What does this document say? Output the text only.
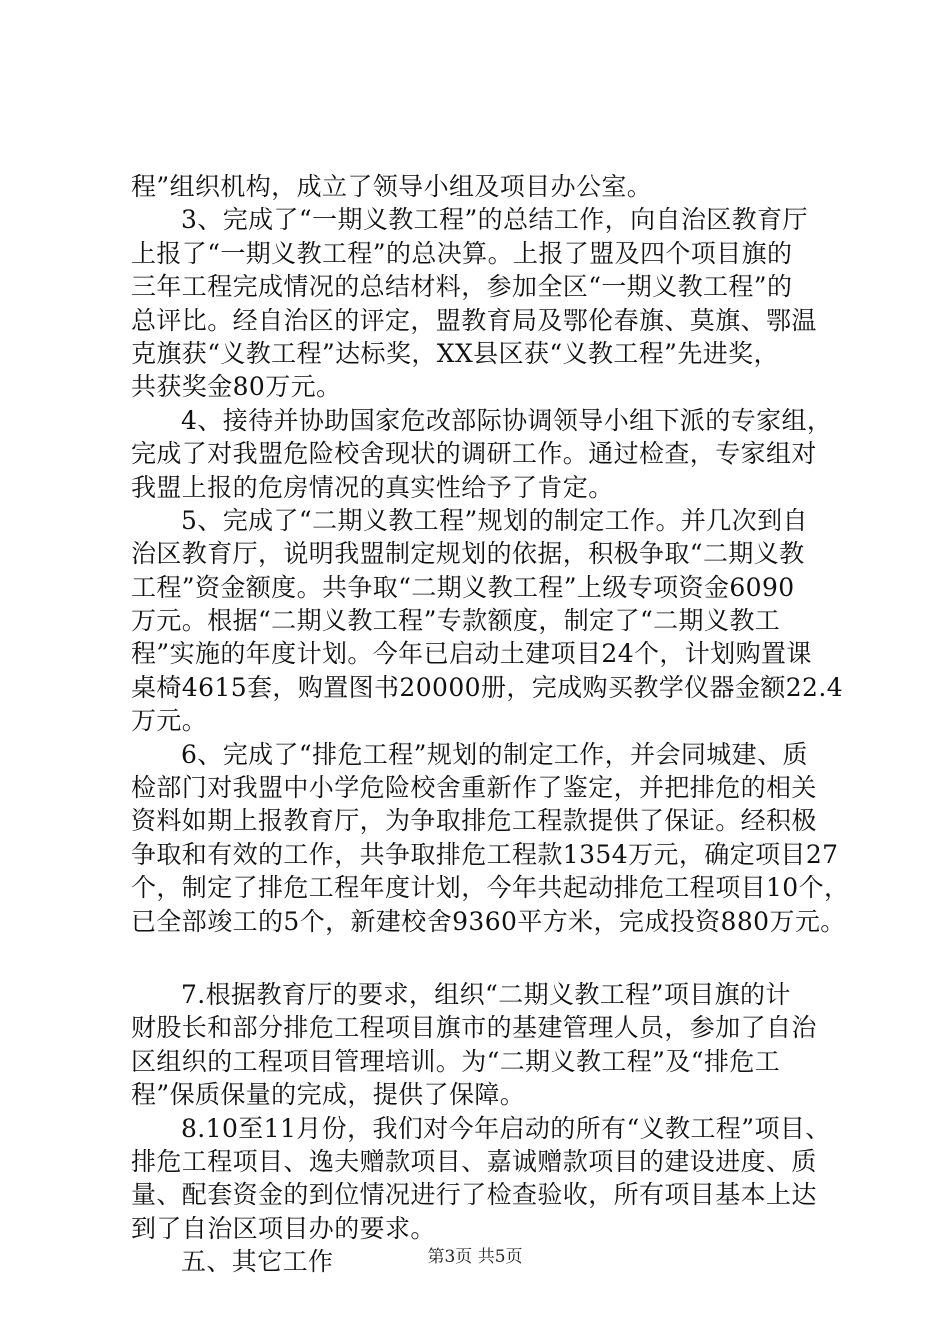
程”组织机构，成立了领导小组及项目办公室。
3、完成了“一期义教工程”的总结工作，向自治区教育厅
上报了“一期义教工程”的总决算。上报了盟及四个项目旗的
三年工程完成情况的总结材料，参加全区“一期义教工程”的
总评比。经自治区的评定，盟教育局及鄂伦春旗、莫旗、鄂温
克旗获“义教工程”达标奖，XX县区获“义教工程”先进奖，
共获奖金80万元。
4、接待并协助国家危改部际协调领导小组下派的专家组，
完成了对我盟危险校舍现状的调研工作。通过检查，专家组对
我盟上报的危房情况的真实性给予了肯定。
5、完成了“二期义教工程”规划的制定工作。并几次到自
治区教育厅，说明我盟制定规划的依据，积极争取“二期义教
工程”资金额度。共争取“二期义教工程”上级专项资金6090
万元。根据“二期义教工程”专款额度，制定了“二期义教工
程”实施的年度计划。今年已启动土建项目24个，计划购置课
桌椅4615套，购置图书20000册，完成购买教学仪器金额22.4
万元。
6、完成了“排危工程”规划的制定工作，并会同城建、质
检部门对我盟中小学危险校舍重新作了鉴定，并把排危的相关
资料如期上报教育厅，为争取排危工程款提供了保证。经积极
争取和有效的工作，共争取排危工程款1354万元，确定项目27
个，制定了排危工程年度计划，今年共起动排危工程项目10个，
已全部竣工的5个，新建校舍9360平方米，完成投资880万元。
7.根据教育厅的要求，组织“二期义教工程”项目旗的计
财股长和部分排危工程项目旗市的基建管理人员，参加了自治
区组织的工程项目管理培训。为“二期义教工程”及“排危工
程”保质保量的完成，提供了保障。
8.10至11月份，我们对今年启动的所有“义教工程”项目、
排危工程项目、逸夫赠款项目、嘉诚赠款项目的建设进度、质
量、配套资金的到位情况进行了检查验收，所有项目基本上达
到了自治区项目办的要求。
五、其它工作	第3页 共5页
